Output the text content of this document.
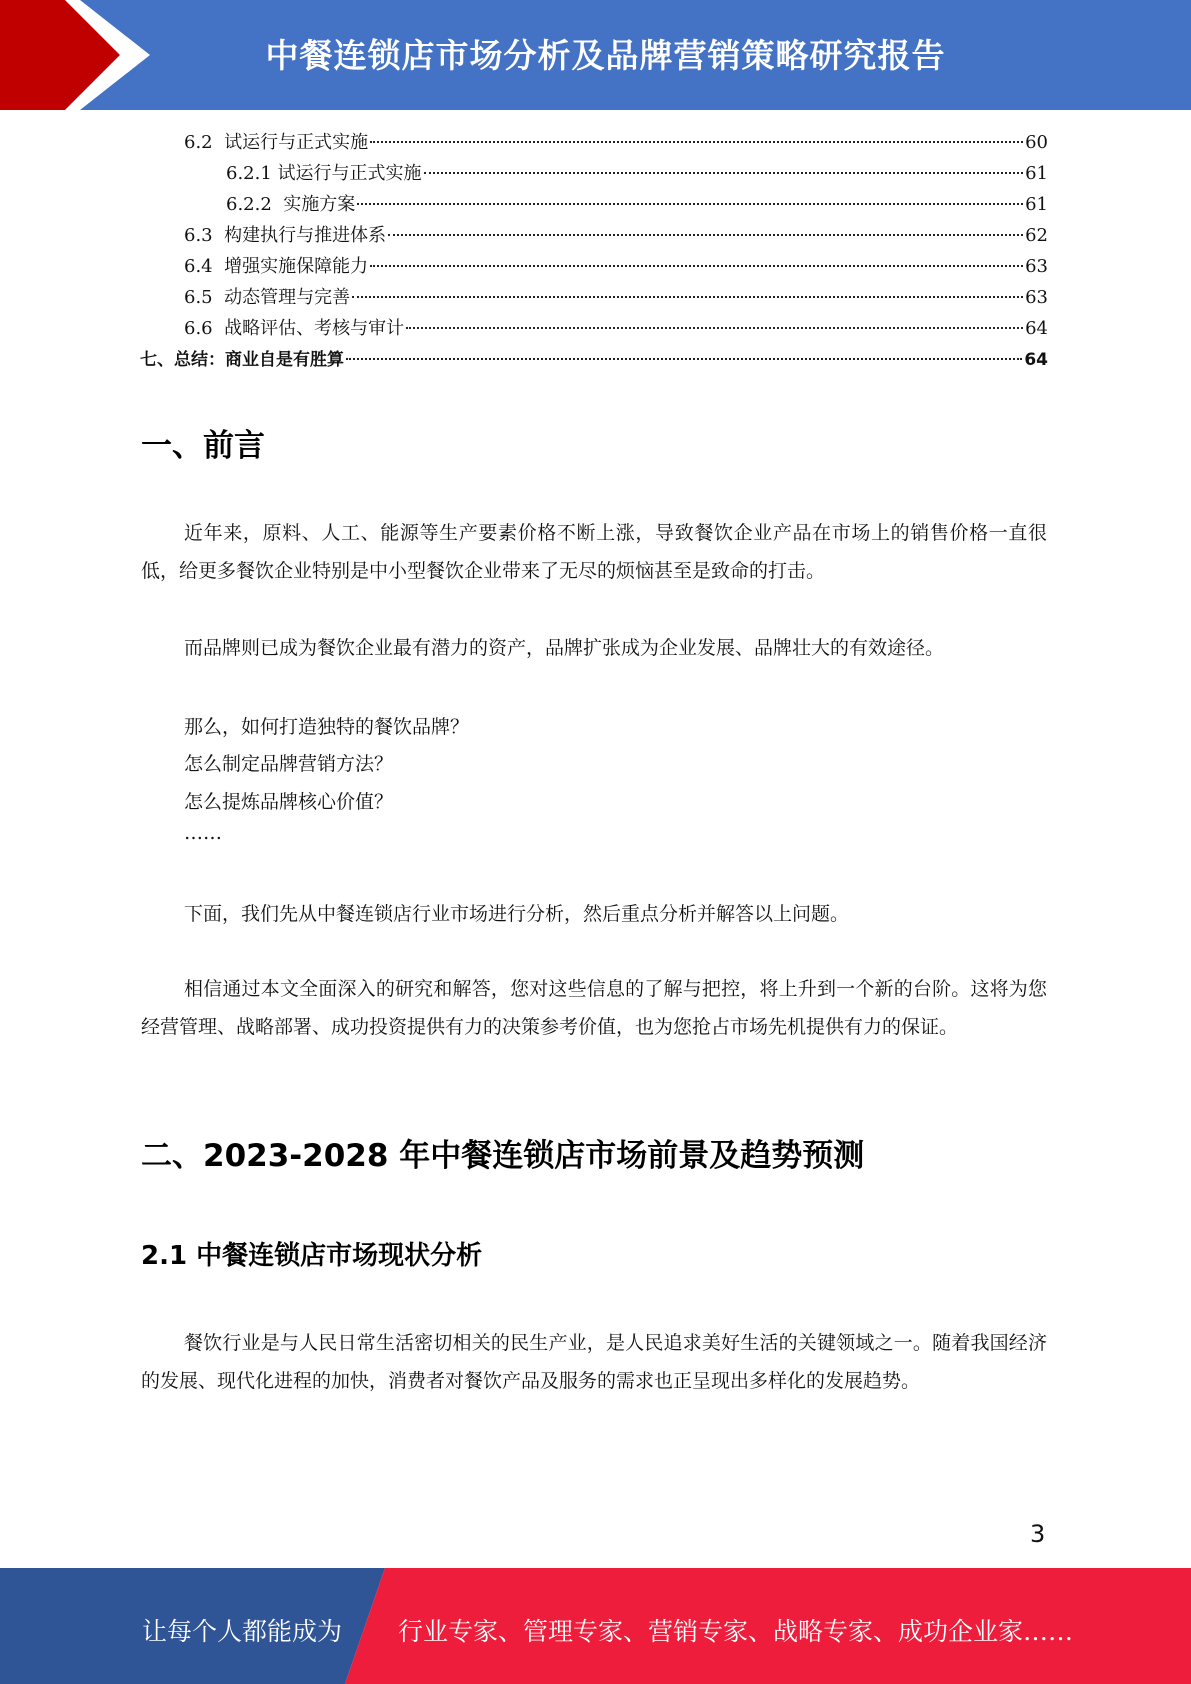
中餐连锁店市场分析及品牌营销策略研究报告
6.2  试运行与正式实施	60
6.2.1 试运行与正式实施	61
6.2.2  实施方案	61
6.3  构建执行与推进体系	62
6.4  增强实施保障能力	63
6.5  动态管理与完善	63
6.6  战略评估、考核与审计	64
七、总结：商业自是有胜算	64
一、前言
近年来，原料、人工、能源等生产要素价格不断上涨，导致餐饮企业产品在市场上的销售价格一直很低，给更多餐饮企业特别是中小型餐饮企业带来了无尽的烦恼甚至是致命的打击。
而品牌则已成为餐饮企业最有潜力的资产，品牌扩张成为企业发展、品牌壮大的有效途径。
那么，如何打造独特的餐饮品牌？
怎么制定品牌营销方法？
怎么提炼品牌核心价值？
……
下面，我们先从中餐连锁店行业市场进行分析，然后重点分析并解答以上问题。
相信通过本文全面深入的研究和解答，您对这些信息的了解与把控，将上升到一个新的台阶。这将为您经营管理、战略部署、成功投资提供有力的决策参考价值，也为您抢占市场先机提供有力的保证。
二、2023-2028 年中餐连锁店市场前景及趋势预测
2.1 中餐连锁店市场现状分析
餐饮行业是与人民日常生活密切相关的民生产业，是人民追求美好生活的关键领域之一。随着我国经济的发展、现代化进程的加快，消费者对餐饮产品及服务的需求也正呈现出多样化的发展趋势。
3
让每个人都能成为 行业专家、管理专家、营销专家、战略专家、成功企业家……
